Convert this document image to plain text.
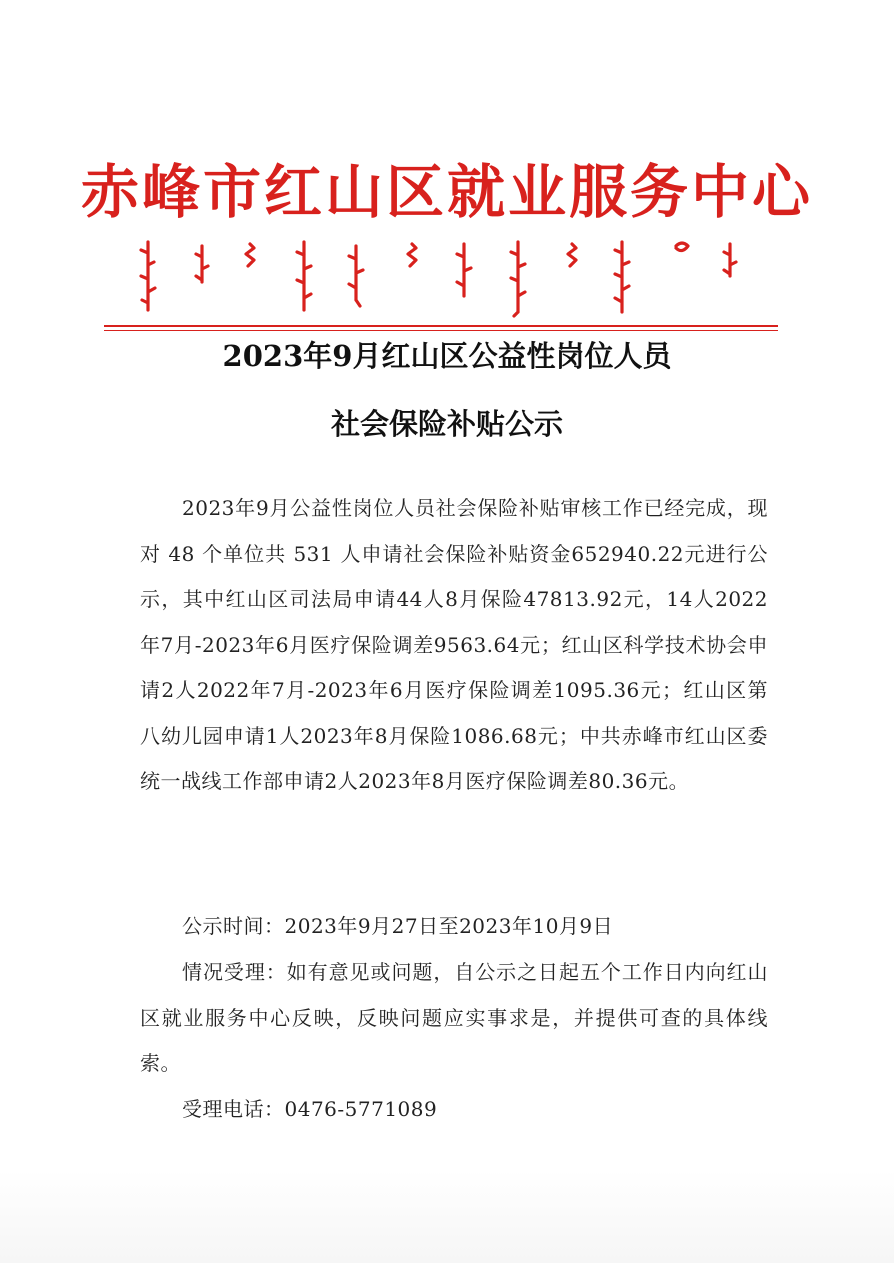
赤峰市红山区就业服务中心
2023年9月红山区公益性岗位人员
社会保险补贴公示

2023年9月公益性岗位人员社会保险补贴审核工作已经完成，现对 48 个单位共 531 人申请社会保险补贴资金652940.22元进行公示，其中红山区司法局申请44人8月保险47813.92元，14人2022年7月-2023年6月医疗保险调差9563.64元；红山区科学技术协会申请2人2022年7月-2023年6月医疗保险调差1095.36元；红山区第八幼儿园申请1人2023年8月保险1086.68元；中共赤峰市红山区委统一战线工作部申请2人2023年8月医疗保险调差80.36元。

公示时间：2023年9月27日至2023年10月9日

情况受理：如有意见或问题，自公示之日起五个工作日内向红山区就业服务中心反映，反映问题应实事求是，并提供可查的具体线索。

受理电话：0476-5771089
